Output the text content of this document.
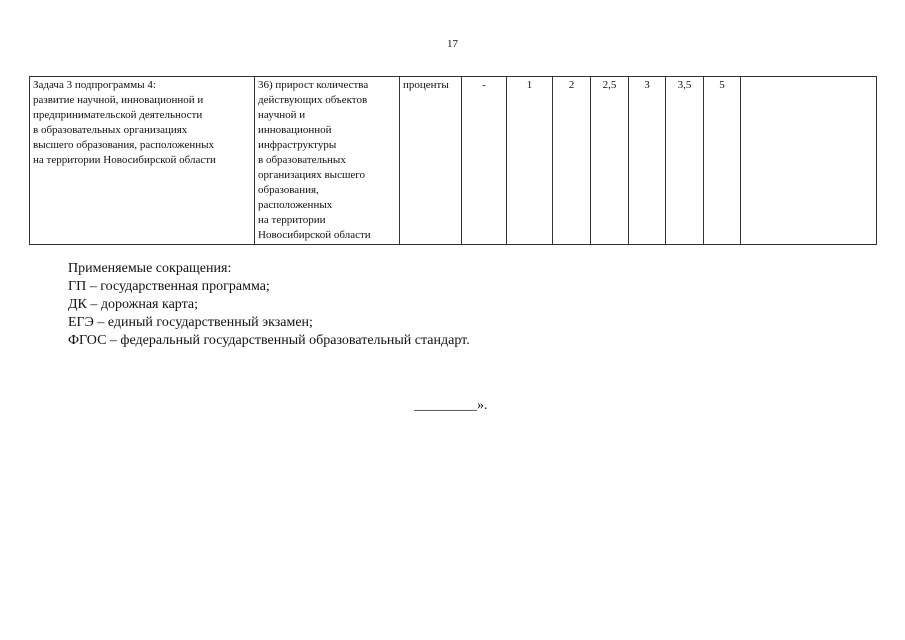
17
Задача 3 подпрограммы 4:
развитие научной, инновационной и
предпринимательской деятельности
в образовательных организациях
высшего образования, расположенных
на территории Новосибирской области

36) прирост количества
действующих объектов
научной и
инновационной
инфраструктуры
в образовательных
организациях высшего
образования,
расположенных
на территории
Новосибирской области
	проценты	-	1	2	2,5	3	3,5	5	
Применяемые сокращения:
ГП – государственная программа;
ДК – дорожная карта;
ЕГЭ – единый государственный экзамен;
ФГОС – федеральный государственный образовательный стандарт.
_________».
